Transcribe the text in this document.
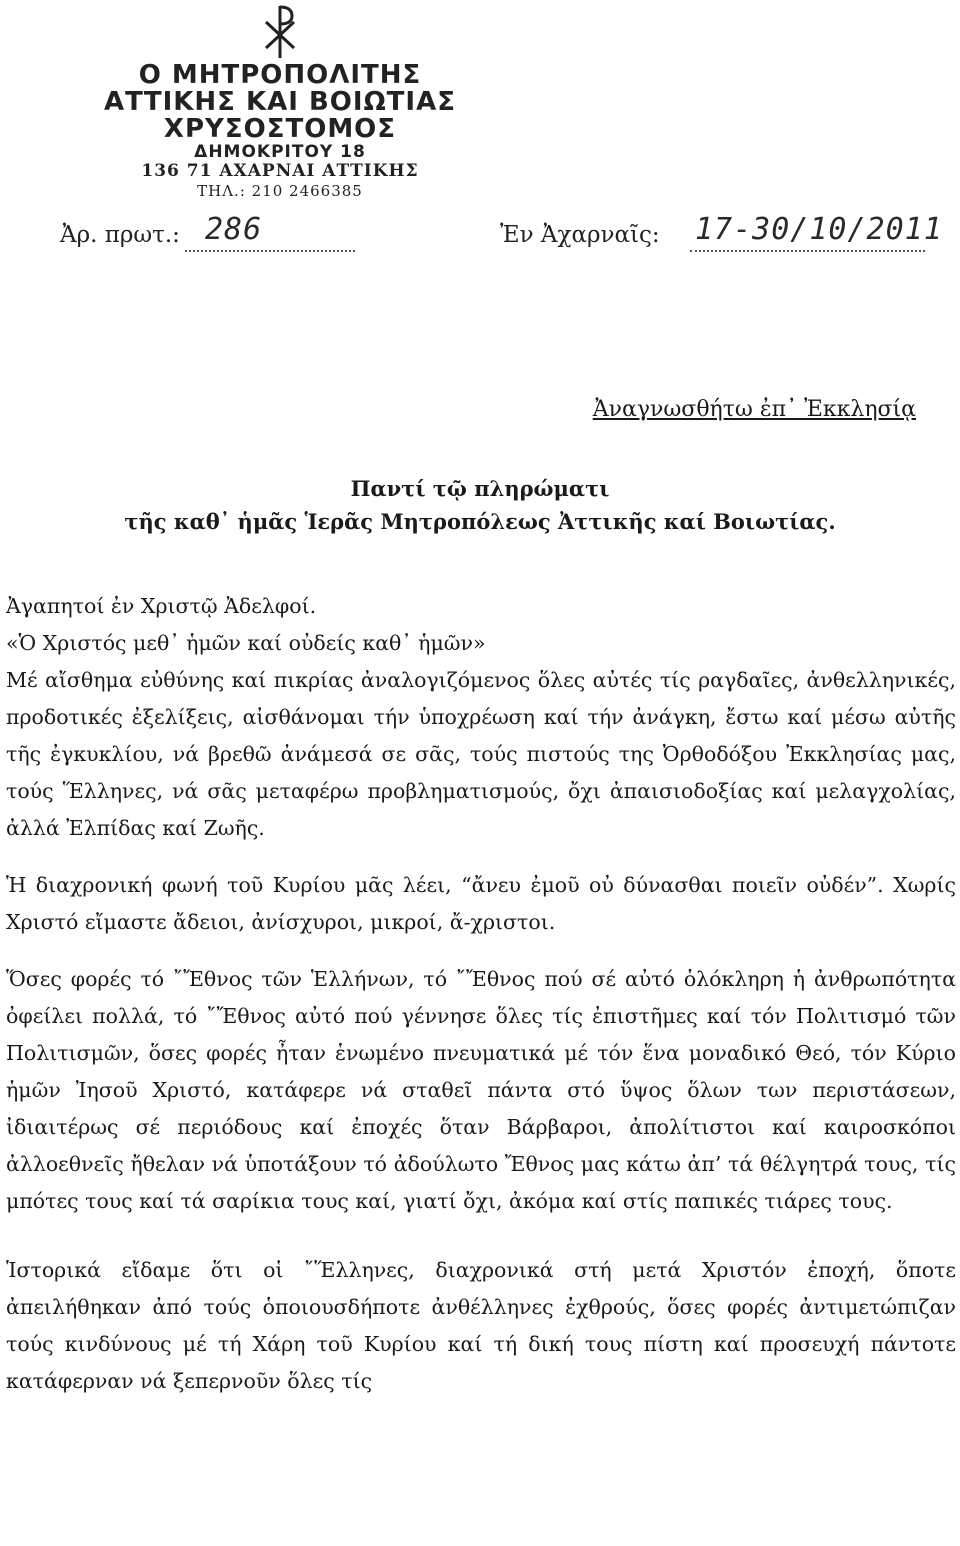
Ο ΜΗΤΡΟΠΟΛΙΤΗΣ
ΑΤΤΙΚΗΣ ΚΑΙ ΒΟΙΩΤΙΑΣ
ΧΡΥΣΟΣΤΟΜΟΣ
ΔΗΜΟΚΡΙΤΟΥ 18
136 71 ΑΧΑΡΝΑΙ ΑΤΤΙΚΗΣ
ΤΗΛ.: 210 2466385
Ἀρ. πρωτ.: 286	Ἐν Ἀχαρναῖς: 17-30/10/2011
Ἀναγνωσθήτω ἐπ᾽ Ἐκκλησίᾳ
Παντί τῷ πληρώματι
τῆς καθ᾽ ἡμᾶς Ἱερᾶς Μητροπόλεως Ἀττικῆς καί Βοιωτίας.

Ἀγαπητοί ἐν Χριστῷ Ἀδελφοί.

«Ὁ Χριστός μεθ᾽ ἡμῶν καί οὐδείς καθ᾽ ἡμῶν»

Μέ αἴσθημα εὐθύνης καί πικρίας ἀναλογιζόμενος ὅλες αὐτές τίς ραγδαῖες, ἀνθελληνικές, προδοτικές ἐξελίξεις, αἰσθάνομαι τήν ὑποχρέωση καί τήν ἀνάγκη, ἔστω καί μέσω αὐτῆς τῆς ἐγκυκλίου, νά βρεθῶ ἀνάμεσά σε σᾶς, τούς πιστούς της Ὀρθοδόξου Ἐκκλησίας μας, τούς Ἕλληνες, νά σᾶς μεταφέρω προβληματισμούς, ὄχι ἀπαισιοδοξίας καί μελαγχολίας, ἀλλά Ἐλπίδας καί Ζωῆς.

Ἡ διαχρονική φωνή τοῦ Κυρίου μᾶς λέει, “ἄνευ ἐμοῦ οὐ δύνασθαι ποιεῖν οὐδέν”. Χωρίς Χριστό εἴμαστε ἄδειοι, ἀνίσχυροι, μικροί, ἄ-χριστοι.

Ὅσες φορές τό ῎Ἔθνος τῶν Ἑλλήνων, τό ῎Ἔθνος πού σέ αὐτό ὁλόκληρη ἡ ἀνθρωπότητα ὀφείλει πολλά, τό ῎Ἔθνος αὐτό πού γέννησε ὅλες τίς ἐπιστῆμες καί τόν Πολιτισμό τῶν Πολιτισμῶν, ὅσες φορές ἦταν ἑνωμένο πνευματικά μέ τόν ἕνα μοναδικό Θεό, τόν Κύριο ἡμῶν Ἰησοῦ Χριστό, κατάφερε νά σταθεῖ πάντα στό ὕψος ὅλων των περιστάσεων, ἰδιαιτέρως σέ περιόδους καί ἐποχές ὅταν Βάρβαροι, ἀπολίτιστοι καί καιροσκόποι ἀλλοεθνεῖς ἤθελαν νά ὑποτάξουν τό ἀδούλωτο Ἔθνος μας κάτω ἀπ’ τά θέλγητρά τους, τίς μπότες τους καί τά σαρίκια τους καί, γιατί ὄχι, ἀκόμα καί στίς παπικές τιάρες τους.

Ἱστορικά εἴδαμε ὅτι οἱ ῎Ἕλληνες, διαχρονικά στή μετά Χριστόν ἐποχή, ὅποτε ἀπειλήθηκαν ἀπό τούς ὁποιουσδήποτε ἀνθέλληνες ἐχθρούς, ὅσες φορές ἀντιμετώπιζαν τούς κινδύνους μέ τή Χάρη τοῦ Κυρίου καί τή δική τους πίστη καί προσευχή πάντοτε κατάφερναν νά ξεπερνοῦν ὅλες τίς
